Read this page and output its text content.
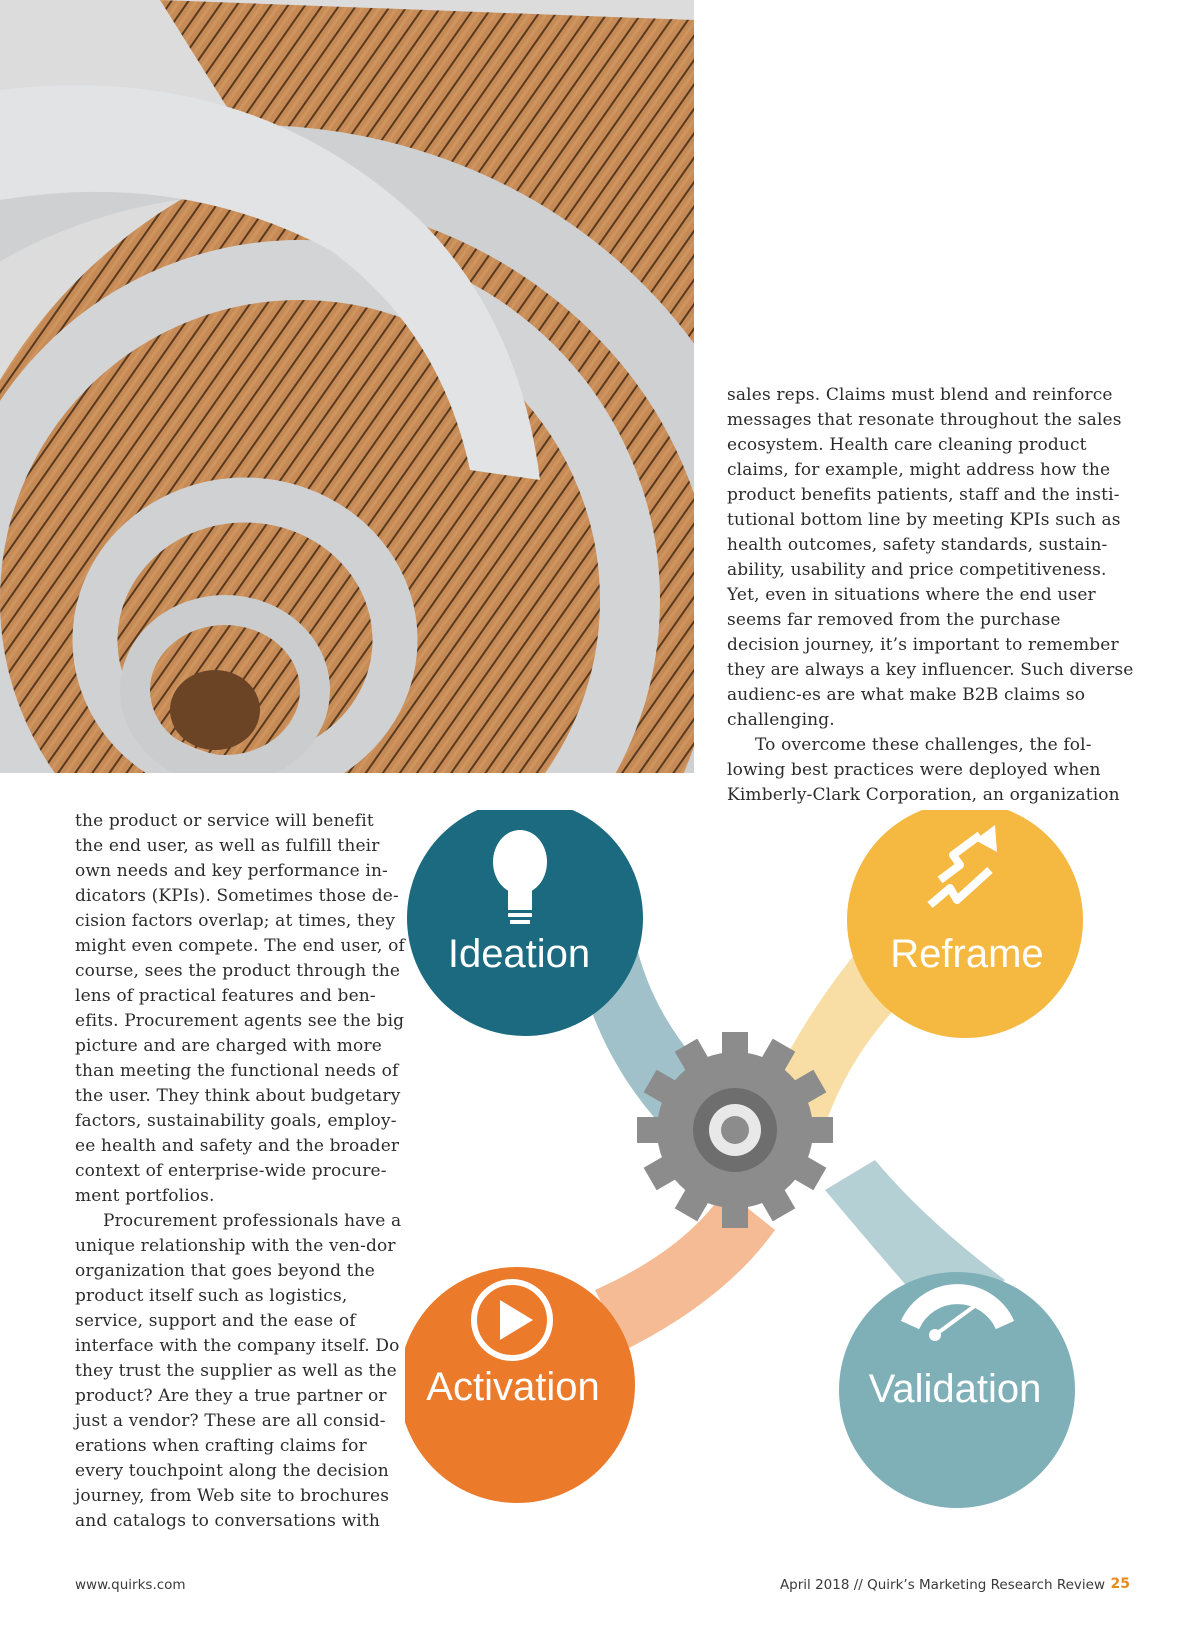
sales reps. Claims must blend and reinforce messages that resonate throughout the sales ecosystem. Health care cleaning product claims, for example, might address how the product benefits patients, staff and the insti-tutional bottom line by meeting KPIs such as health outcomes, safety standards, sustain-ability, usability and price competitiveness. Yet, even in situations where the end user seems far removed from the purchase decision journey, it’s important to remember they are always a key influencer. Such diverse audienc-es are what make B2B claims so challenging.

To overcome these challenges, the fol-lowing best practices were deployed when Kimberly-Clark Corporation, an organization

the product or service will benefit the end user, as well as fulfill their own needs and key performance in-dicators (KPIs). Sometimes those de-cision factors overlap; at times, they might even compete. The end user, of course, sees the product through the lens of practical features and ben-efits. Procurement agents see the big picture and are charged with more than meeting the functional needs of the user. They think about budgetary factors, sustainability goals, employ-ee health and safety and the broader context of enterprise-wide procure-ment portfolios.

Procurement professionals have a unique relationship with the ven-dor organization that goes beyond the product itself such as logistics, service, support and the ease of interface with the company itself. Do they trust the supplier as well as the product? Are they a true partner or just a vendor? These are all consid-erations when crafting claims for every touchpoint along the decision journey, from Web site to brochures and catalogs to conversations with

Ideation	Reframe
Activation	Validation
www.quirks.com	April 2018 // Quirk’s Marketing Research Review 25
